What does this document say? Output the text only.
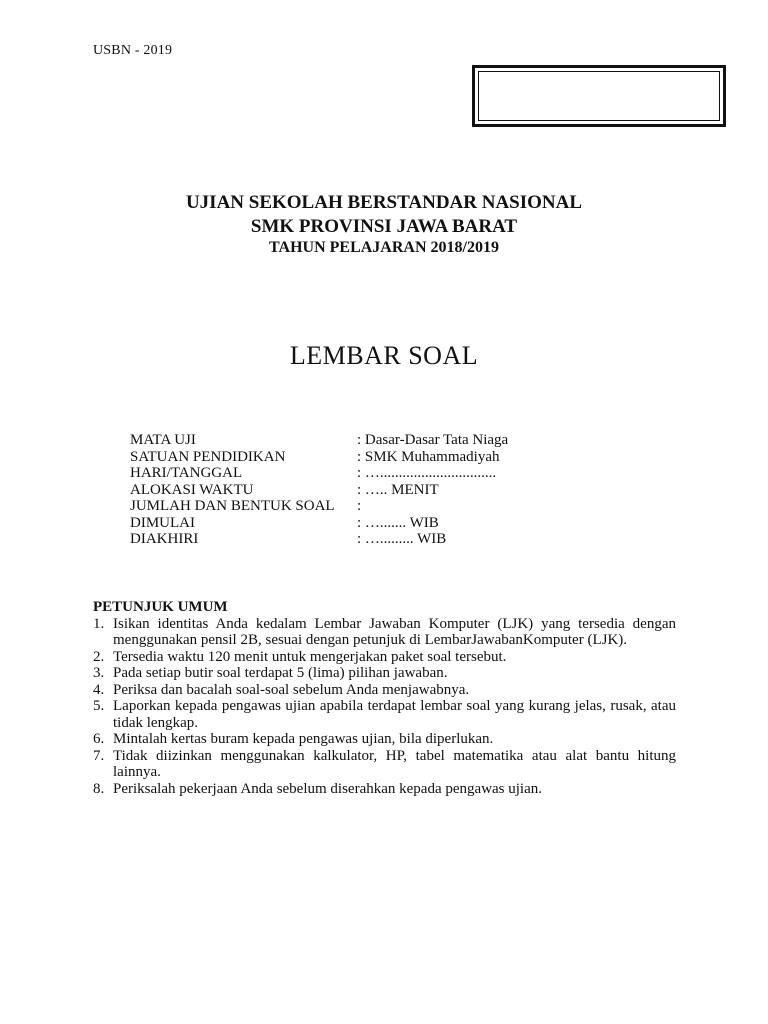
USBN - 2019
UJIAN SEKOLAH BERSTANDAR NASIONAL
SMK PROVINSI JAWA BARAT
TAHUN PELAJARAN 2018/2019
LEMBAR SOAL
MATA UJI	: Dasar-Dasar Tata Niaga
SATUAN PENDIDIKAN	: SMK Muhammadiyah
HARI/TANGGAL	: …...............................
ALOKASI WAKTU	: ….. MENIT
JUMLAH DAN BENTUK SOAL	:
DIMULAI	: …....... WIB
DIAKHIRI	: …......... WIB
PETUNJUK UMUM
1. Isikan identitas Anda kedalam Lembar Jawaban Komputer (LJK) yang tersedia dengan menggunakan pensil 2B, sesuai dengan petunjuk di LembarJawabanKomputer (LJK).
2. Tersedia waktu 120 menit untuk mengerjakan paket soal tersebut.
3. Pada setiap butir soal terdapat 5 (lima) pilihan jawaban.
4. Periksa dan bacalah soal-soal sebelum Anda menjawabnya.
5. Laporkan kepada pengawas ujian apabila terdapat lembar soal yang kurang jelas, rusak, atau tidak lengkap.
6. Mintalah kertas buram kepada pengawas ujian, bila diperlukan.
7. Tidak diizinkan menggunakan kalkulator, HP, tabel matematika atau alat bantu hitung lainnya.
8. Periksalah pekerjaan Anda sebelum diserahkan kepada pengawas ujian.
